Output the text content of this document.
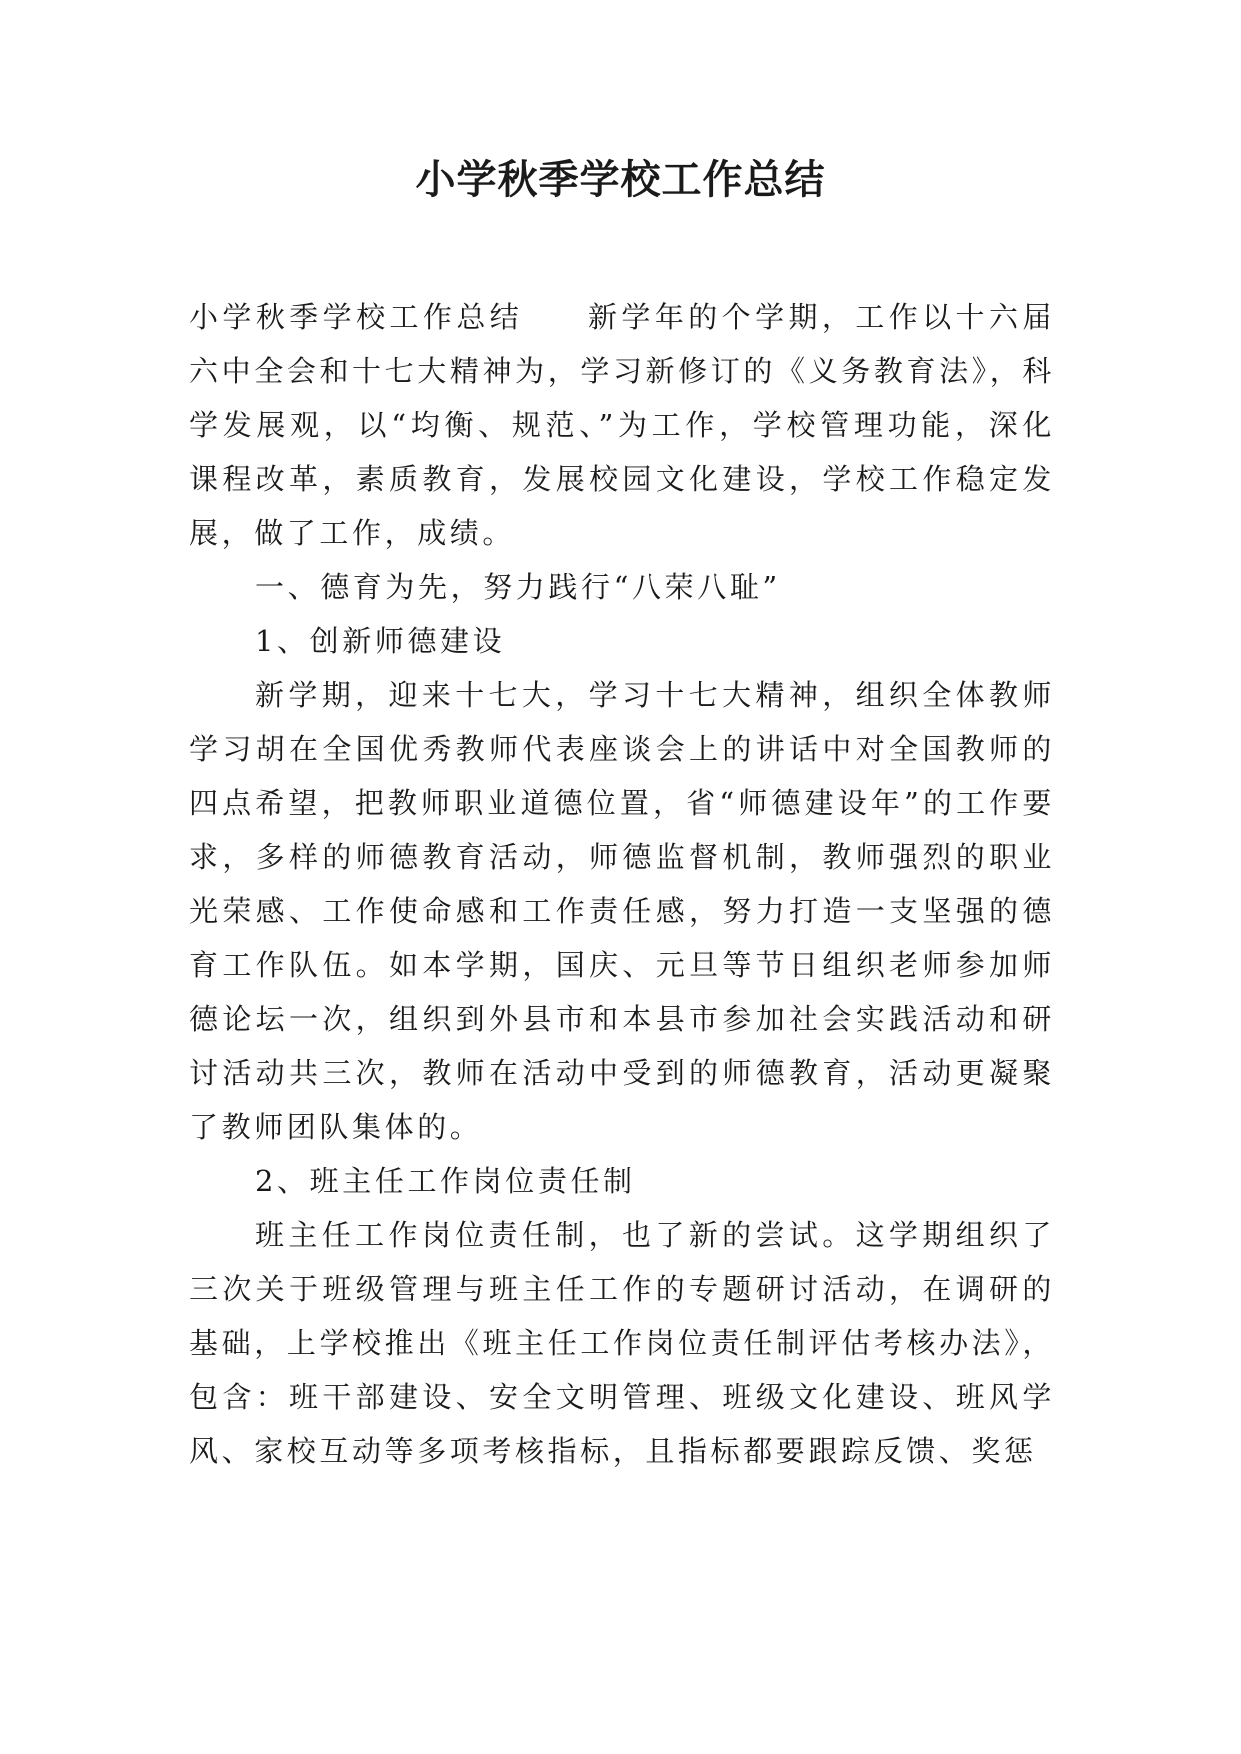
小学秋季学校工作总结

小学秋季学校工作总结 新学年的个学期，工作以十六届六中全会和十七大精神为，学习新修订的《义务教育法》，科学发展观，以“均衡、规范、”为工作，学校管理功能，深化课程改革，素质教育，发展校园文化建设，学校工作稳定发展，做了工作，成绩。

一、德育为先，努力践行“八荣八耻”

1、创新师德建设

新学期，迎来十七大，学习十七大精神，组织全体教师学习胡在全国优秀教师代表座谈会上的讲话中对全国教师的四点希望，把教师职业道德位置，省“师德建设年”的工作要求，多样的师德教育活动，师德监督机制，教师强烈的职业光荣感、工作使命感和工作责任感，努力打造一支坚强的德育工作队伍。如本学期，国庆、元旦等节日组织老师参加师德论坛一次，组织到外县市和本县市参加社会实践活动和研讨活动共三次，教师在活动中受到的师德教育，活动更凝聚了教师团队集体的。

2、班主任工作岗位责任制

班主任工作岗位责任制，也了新的尝试。这学期组织了三次关于班级管理与班主任工作的专题研讨活动，在调研的基础，上学校推出《班主任工作岗位责任制评估考核办法》，包含：班干部建设、安全文明管理、班级文化建设、班风学风、家校互动等多项考核指标，且指标都要跟踪反馈、奖惩
